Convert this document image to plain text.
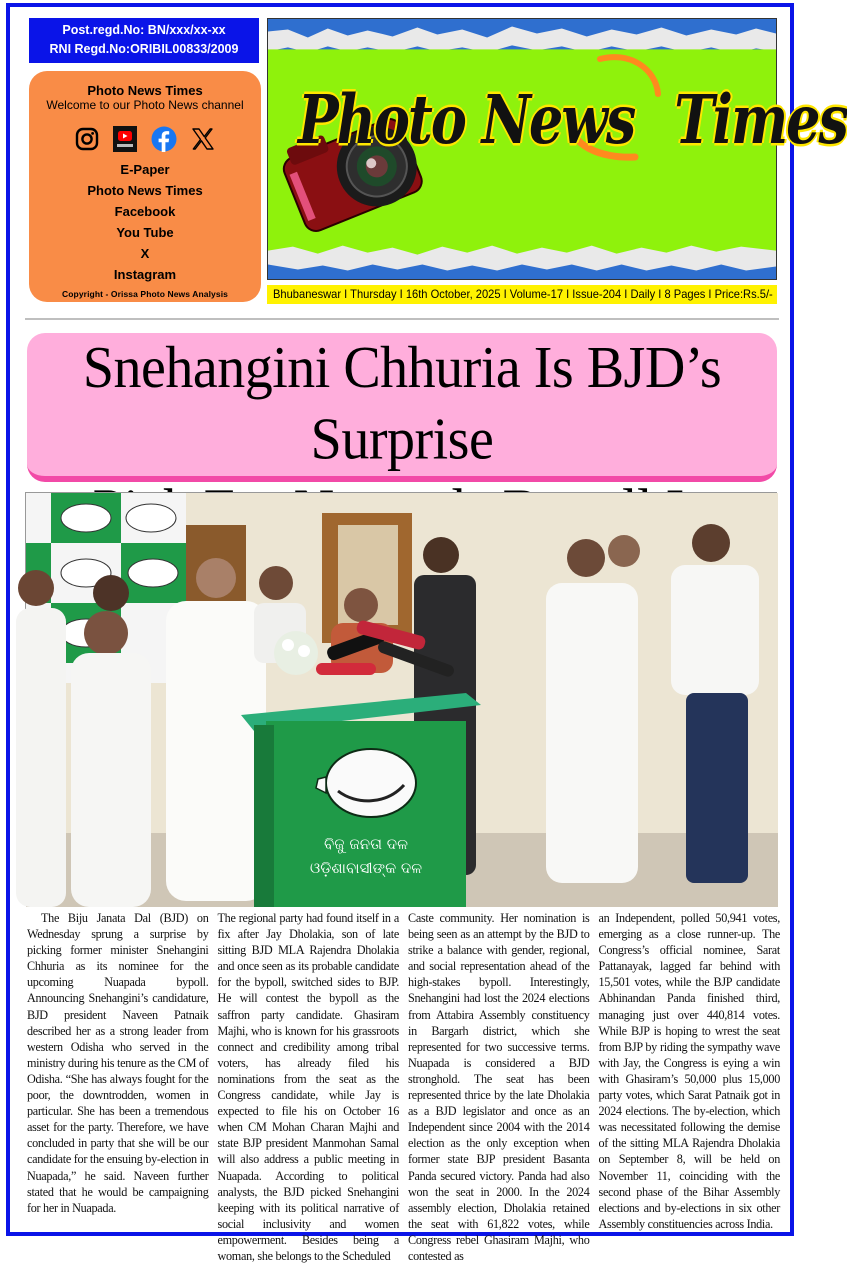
Post.regd.No: BN/xxx/xx-xx
RNI Regd.No:ORIBIL00833/2009
Photo News Times
Welcome to our Photo News channel
E-Paper
Photo News Times
Facebook
You Tube
X
Instagram
Copyright - Orissa Photo News Analysis
Photo News Times
Bhubaneswar I Thursday I 16th October, 2025 I Volume-17 I Issue-204 I Daily I 8 Pages I Price:Rs.5/-
Snehangini Chhuria Is BJD’s Surprise
ବିଜୁ ଜନତା ଦଳ
ଓଡ଼ିଶାବାସୀଙ୍କ ଦଳ
The Biju Janata Dal (BJD) on Wednesday sprung a surprise by picking former minister Snehangini Chhuria as its nominee for the upcoming Nuapada bypoll. Announcing Snehangini’s candidature, BJD president Naveen Patnaik described her as a strong leader from western Odisha who served in the ministry during his tenure as the CM of Odisha. “She has always fought for the poor, the downtrodden, women in particular. She has been a tremendous asset for the party. Therefore, we have concluded in party that she will be our candidate for the ensuing by-election in Nuapada,” he said. Naveen further stated that he would be campaigning for her in Nuapada.
The regional party had found itself in a fix after Jay Dholakia, son of late sitting BJD MLA Rajendra Dholakia and once seen as its probable candidate for the bypoll, switched sides to BJP. He will contest the bypoll as the saffron party candidate. Ghasiram Majhi, who is known for his grassroots connect and credibility among tribal voters, has already filed his nominations from the seat as the Congress candidate, while Jay is expected to file his on October 16 when CM Mohan Charan Majhi and state BJP president Manmohan Samal will also address a public meeting in Nuapada. According to political analysts, the BJD picked Snehangini keeping with its political narrative of social inclusivity and women empowerment. Besides being a woman, she belongs to the Scheduled
Caste community. Her nomination is being seen as an attempt by the BJD to strike a balance with gender, regional, and social representation ahead of the high-stakes bypoll. Interestingly, Snehangini had lost the 2024 elections from Attabira Assembly constituency in Bargarh district, which she represented for two successive terms. Nuapada is considered a BJD stronghold. The seat has been represented thrice by the late Dholakia as a BJD legislator and once as an Independent since 2004 with the 2014 election as the only exception when former state BJP president Basanta Panda secured victory. Panda had also won the seat in 2000. In the 2024 assembly election, Dholakia retained the seat with 61,822 votes, while Congress rebel Ghasiram Majhi, who contested as
an Independent, polled 50,941 votes, emerging as a close runner-up. The Congress’s official nominee, Sarat Pattanayak, lagged far behind with 15,501 votes, while the BJP candidate Abhinandan Panda finished third, managing just over 440,814 votes. While BJP is hoping to wrest the seat from BJP by riding the sympathy wave with Jay, the Congress is eying a win with Ghasiram’s 50,000 plus 15,000 party votes, which Sarat Patnaik got in 2024 elections. The by-election, which was necessitated following the demise of the sitting MLA Rajendra Dholakia on September 8, will be held on November 11, coinciding with the second phase of the Bihar Assembly elections and by-elections in six other Assembly constituencies across India.
